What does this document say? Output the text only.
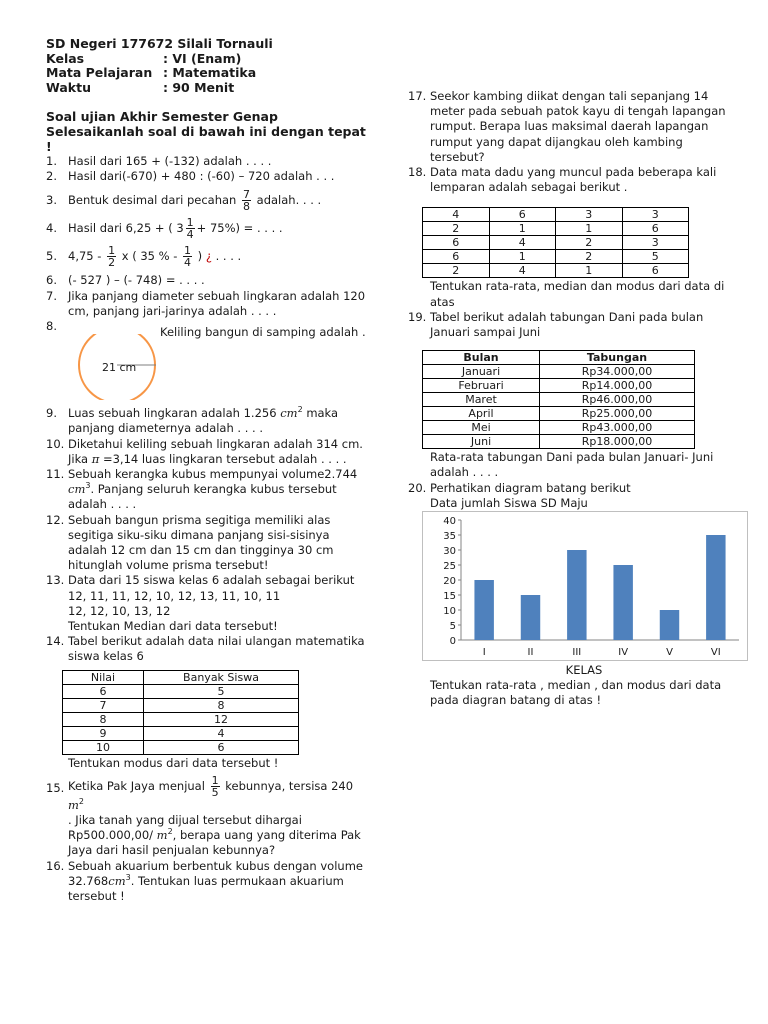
SD Negeri 177672 Silali Tornauli
Kelas	: VI (Enam)
Mata Pelajaran : Matematika
Waktu	: 90 Menit
Soal ujian Akhir Semester Genap
Selesaikanlah soal di bawah ini dengan tepat !
1. Hasil dari 165 + (-132) adalah . . . .
2. Hasil dari(-670) + 480 : (-60) – 720 adalah . . .
3. Bentuk desimal dari pecahan $\frac{7}{8}$ adalah. . . .
4. Hasil dari 6,25 + ( $3 \frac{1}{4} + 75\%$) = . . . .
5. $4,75 - \frac{1}{2}$ x ( 35 % - $\frac{1}{4}$ ) ¿ . . . .
6. (- 527 ) – (- 748) = . . . .
7. Jika panjang diameter sebuah lingkaran adalah 120 cm, panjang jari-jarinya adalah . . . .
8.
21 cm
Keliling bangun di samping adalah .
9. Luas sebuah lingkaran adalah 1.256 $cm^2$ maka panjang diameternya adalah . . . .
10. Diketahui keliling sebuah lingkaran adalah 314 cm.
Jika π =3,14 luas lingkaran tersebut adalah . . . .
11. Sebuah kerangka kubus mempunyai volume2.744
$cm^3$. Panjang seluruh kerangka kubus tersebut adalah . . . .
12. Sebuah bangun prisma segitiga memiliki alas segitiga siku-siku dimana panjang sisi-sisinya adalah 12 cm dan 15 cm dan tingginya 30 cm hitunglah volume prisma tersebut!
13. Data dari 15 siswa kelas 6 adalah sebagai berikut
12, 11, 11, 12, 10, 12, 13, 11, 10, 11
12, 12, 10, 13, 12
Tentukan Median dari data tersebut!
14. Tabel berikut adalah data nilai ulangan matematika siswa kelas 6
Nilai	Banyak Siswa
6	5
7	8
8	12
9	4
10	6
Tentukan modus dari data tersebut !
15. Ketika Pak Jaya menjual $\frac{1}{5}$ kebunnya, tersisa 240 $m^2$
. Jika tanah yang dijual tersebut dihargai
Rp500.000,00/ $m^2$, berapa uang yang diterima Pak Jaya dari hasil penjualan kebunnya?
16. Sebuah akuarium berbentuk kubus dengan volume
$32.768cm^3$. Tentukan luas permukaan akuarium tersebut !
17. Seekor kambing diikat dengan tali sepanjang 14 meter pada sebuah patok kayu di tengah lapangan rumput. Berapa luas maksimal daerah lapangan rumput yang dapat dijangkau oleh kambing tersebut?
18. Data mata dadu yang muncul pada beberapa kali lemparan adalah sebagai berikut .
4	6	3	3
2	1	1	6
6	4	2	3
6	1	2	5
2	4	1	6
Tentukan rata-rata, median dan modus dari data di atas
19. Tabel berikut adalah tabungan Dani pada bulan Januari sampai Juni
Bulan	Tabungan
Januari	Rp34.000,00
Februari	Rp14.000,00
Maret	Rp46.000,00
April	Rp25.000,00
Mei	Rp43.000,00
Juni	Rp18.000,00
Rata-rata tabungan Dani pada bulan Januari- Juni adalah . . . .
20. Perhatikan diagram batang berikut
Data jumlah Siswa SD Maju
0
5
10
15
20
25
30
35
40
I	II	III	IV	V	VI
KELAS
Tentukan rata-rata , median , dan modus dari data pada diagran batang di atas !
